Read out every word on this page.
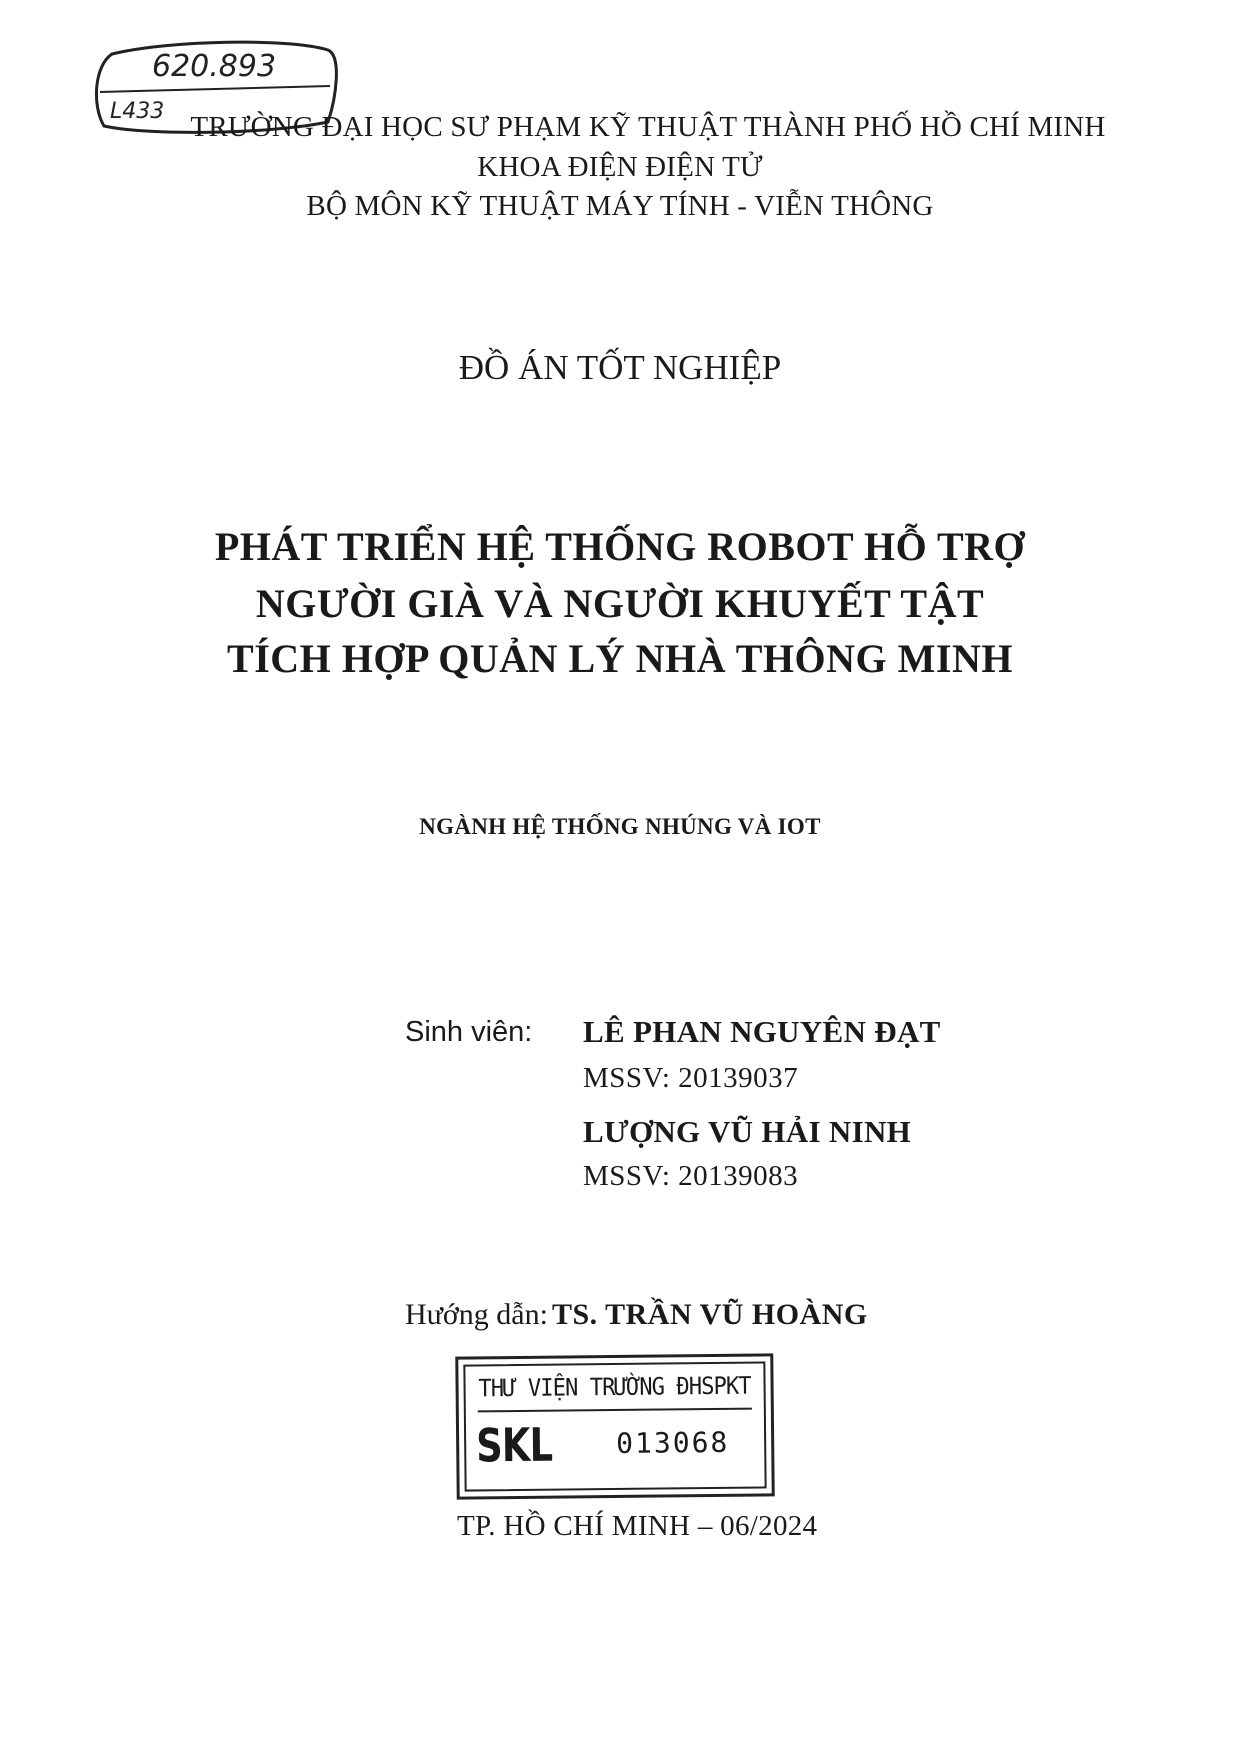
620.893
L433 TRƯỜNG ĐẠI HỌC SƯ PHẠM KỸ THUẬT THÀNH PHỐ HỒ CHÍ MINH
KHOA ĐIỆN ĐIỆN TỬ
BỘ MÔN KỸ THUẬT MÁY TÍNH - VIỄN THÔNG
ĐỒ ÁN TỐT NGHIỆP
PHÁT TRIỂN HỆ THỐNG ROBOT HỖ TRỢ
NGƯỜI GIÀ VÀ NGƯỜI KHUYẾT TẬT
TÍCH HỢP QUẢN LÝ NHÀ THÔNG MINH
NGÀNH HỆ THỐNG NHÚNG VÀ IOT
Sinh viên: LÊ PHAN NGUYÊN ĐẠT
MSSV: 20139037
LƯỢNG VŨ HẢI NINH
MSSV: 20139083
Hướng dẫn: TS. TRẦN VŨ HOÀNG
THƯ VIỆN TRƯỜNG ĐHSPKT
SKL 013068
TP. HỒ CHÍ MINH – 06/2024
